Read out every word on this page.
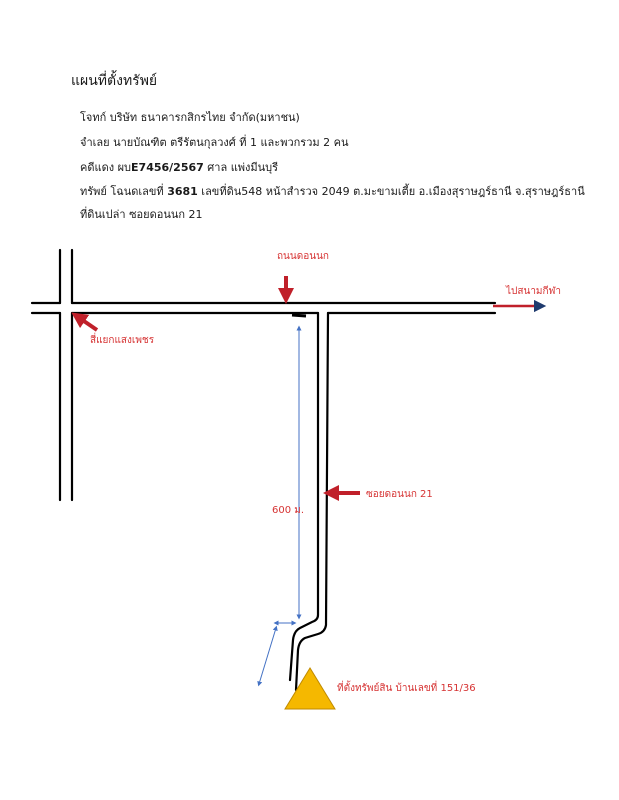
แผนที่ตั้งทรัพย์
โจทก์ บริษัท ธนาคารกสิกรไทย จำกัด(มหาชน)
จำเลย นายบัณฑิต ตรีรัตนกุลวงศ์ ที่ 1 และพวกรวม 2 คน
คดีแดง ผบE7456/2567 ศาล แพ่งมีนบุรี
ทรัพย์ โฉนดเลขที่ 3681 เลขที่ดิน548 หน้าสำรวจ 2049 ต.มะขามเตี้ย อ.เมืองสุราษฎร์ธานี จ.สุราษฎร์ธานี
ที่ดินเปล่า ซอยดอนนก 21
ถนนดอนนก
ไปสนามกีฬา
สี่แยกแสงเพชร
ซอยดอนนก 21
600 ม.
ที่ตั้งทรัพย์สิน บ้านเลขที่ 151/36
